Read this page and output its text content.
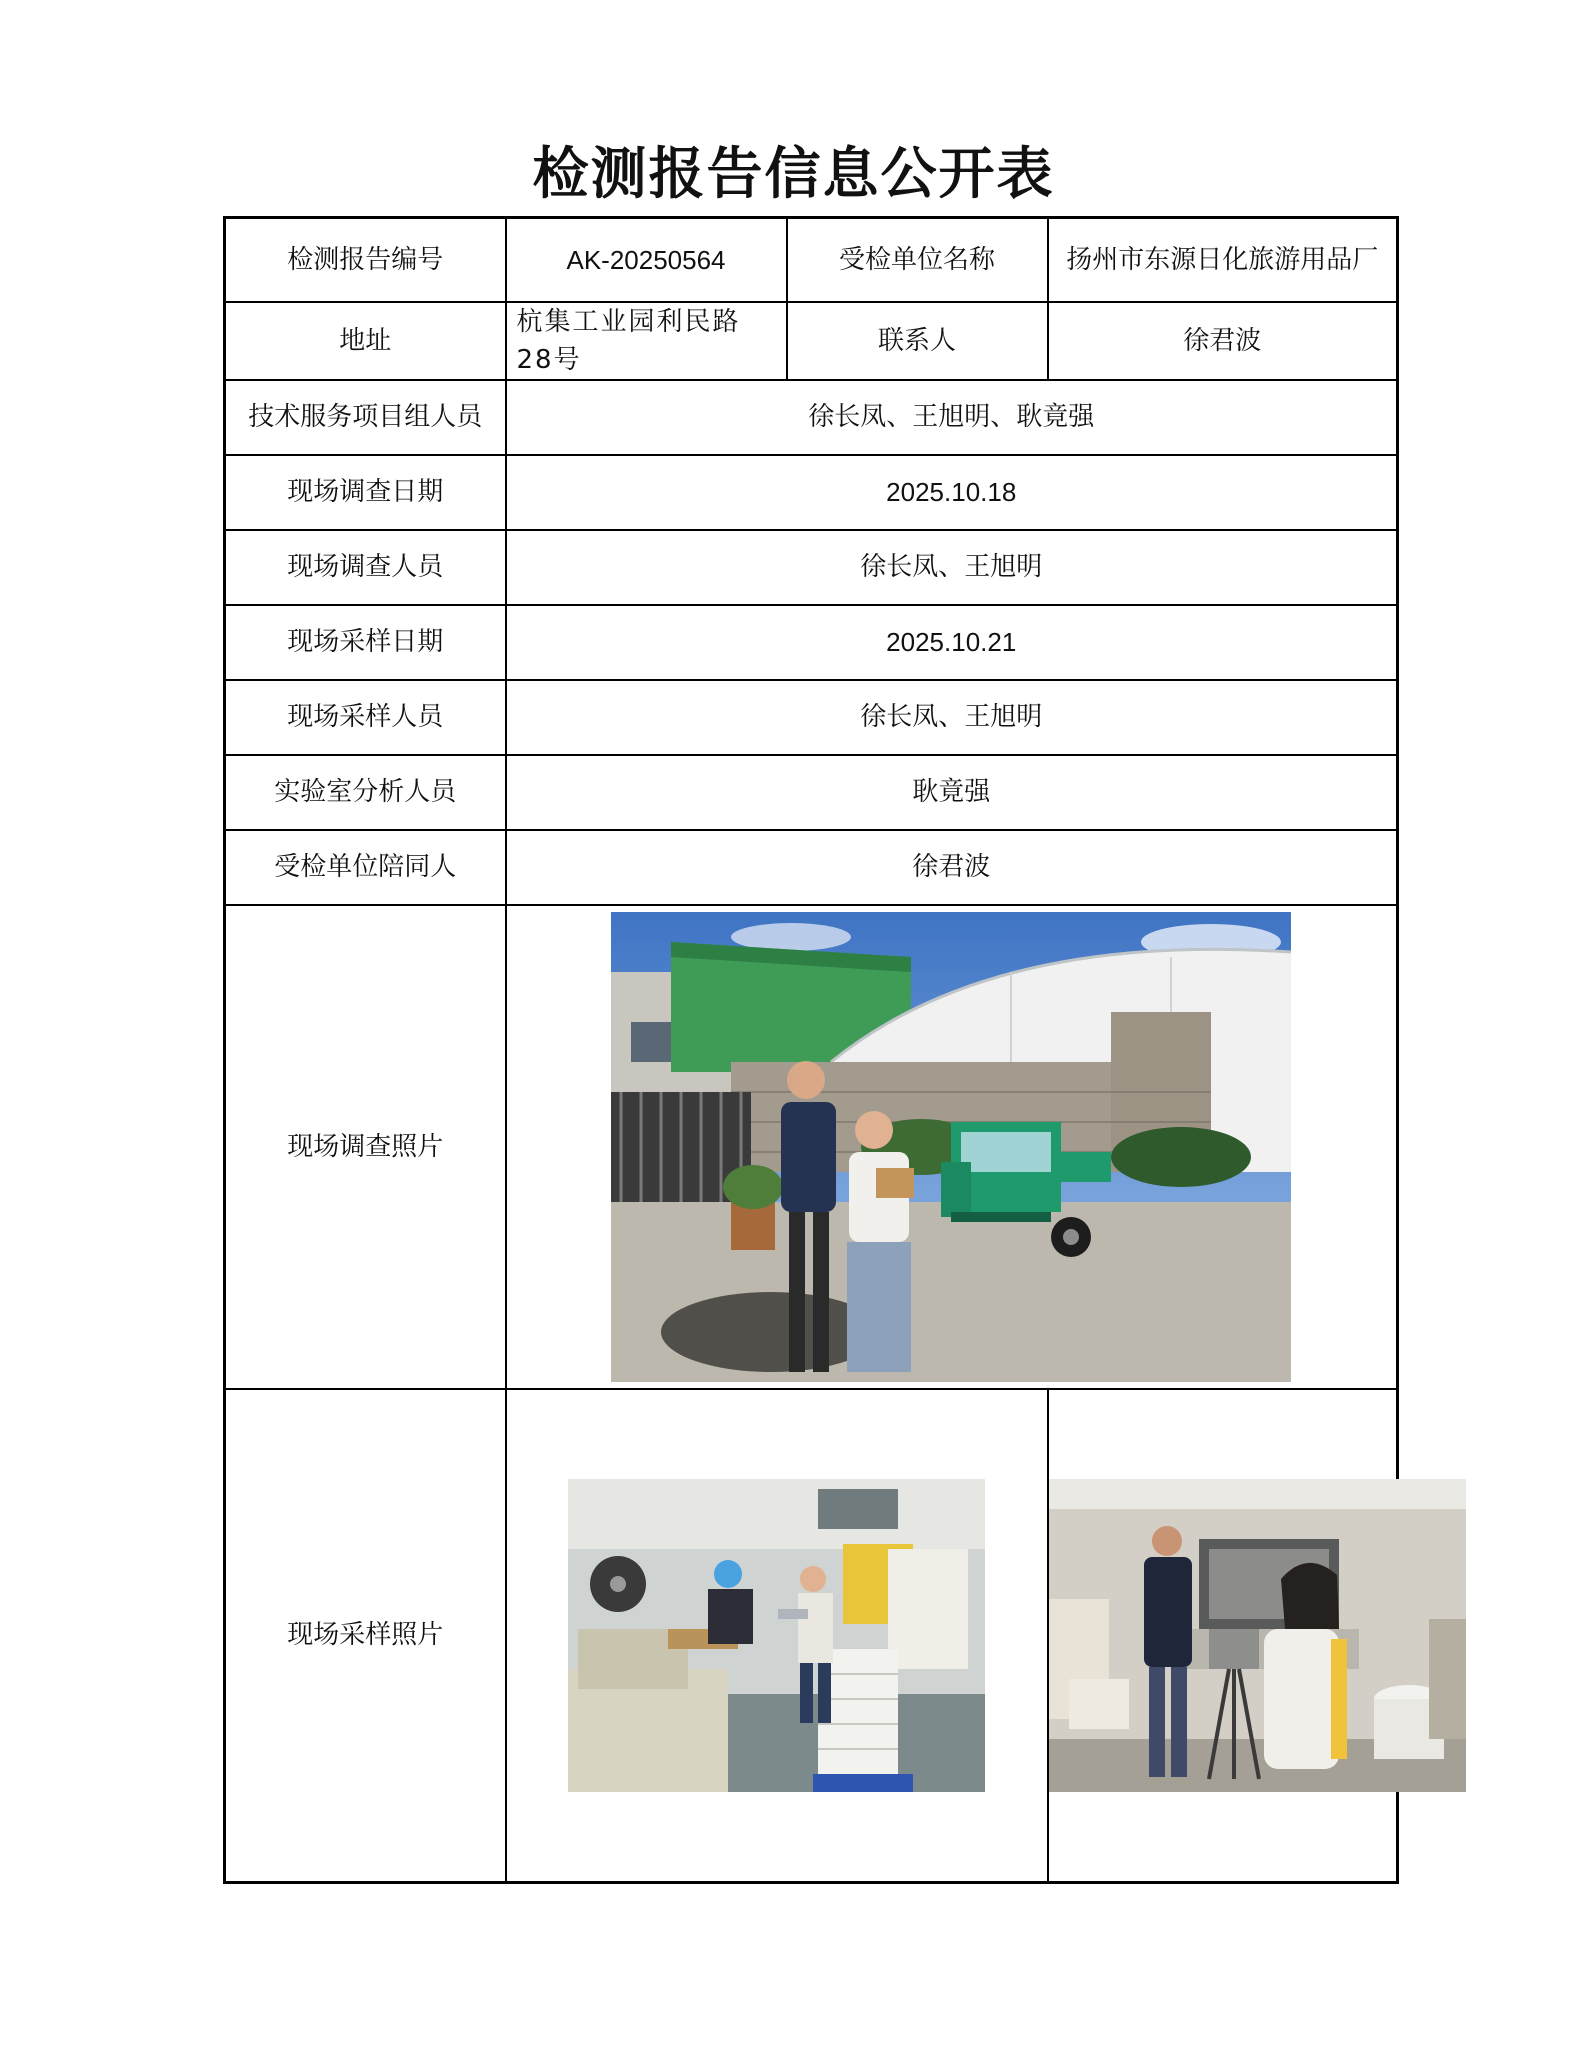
检测报告信息公开表
检测报告编号	AK-20250564	受检单位名称	扬州市东源日化旅游用品厂
地址	杭集工业园利民路28号	联系人	徐君波
技术服务项目组人员	徐长凤、王旭明、耿竟强		
现场调查日期	2025.10.18		
现场调查人员	徐长凤、王旭明		
现场采样日期	2025.10.21		
现场采样人员	徐长凤、王旭明		
实验室分析人员	耿竟强		
受检单位陪同人	徐君波		
现场调查照片	

现场采样照片	
